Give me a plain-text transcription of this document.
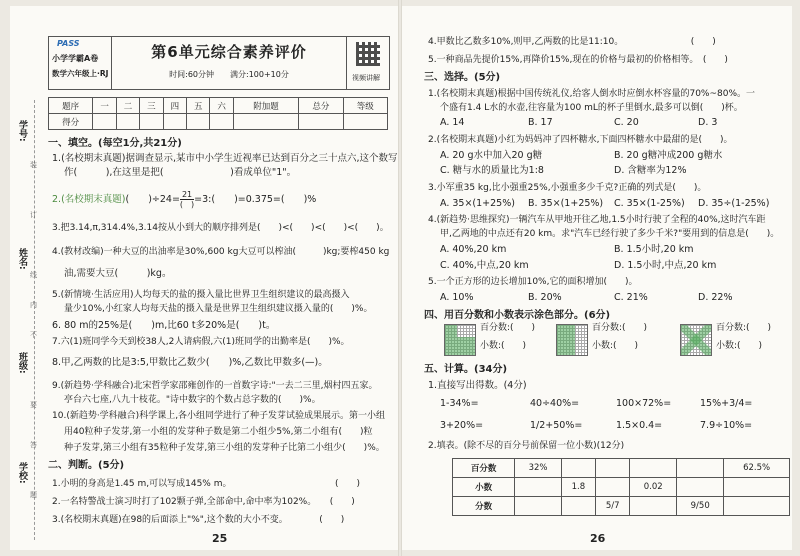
学号:
姓名:
班级:
学校:
装
订
线
内
不
要
答
题
PASS
小学学霸A卷
数学六年级上·RJ
第6单元综合素养评价
时间:60分钟　　满分:100+10分	视频讲解
题序	一	二	三	四	五	六	附加题	总分	等级
得分									
一、填空。(每空1分,共21分)
1.(名校期末真题)据调查显示,某市中小学生近视率已达到百分之三十点六,这个数写
作(　　　),在这里是把(　　　　　　　)看成单位"1"。
2.(名校期末真题)(　　)÷24= 21
(　) =3:(　　)=0.375=(　　)%
3.把3.14,π,314.4%,3.14按从小到大的顺序排列是(　　)<(　　)<(　　)<(　　)。
4.(教材改编)一种大豆的出油率是30%,600 kg大豆可以榨油(　　　)kg;要榨450 kg
油,需要大豆(　　　)kg。
5.(新情境·生活应用)人均每天的盐的摄入量比世界卫生组织建议的最高摄入
量少10%,小红家人均每天盐的摄入量是世界卫生组织建议摄入量的(　　)%。
6. 80 m的25%是(　　)m,比60 t多20%是(　　)t。
7.六(1)班同学今天到校38人,2人请病假,六(1)班同学的出勤率是(　　)%。
8.甲,乙两数的比是3:5,甲数比乙数少(　　)%,乙数比甲数多(—)。
9.(新趋势·学科融合)北宋哲学家邵雍创作的一首数字诗:"一去二三里,烟村四五家。
亭台六七座,八九十枝花。"诗中数字的个数占总字数的(　　)%。
10.(新趋势·学科融合)科学课上,各小组同学进行了种子发芽试验成果展示。第一小组
用40粒种子发芽,第一小组的发芽种子数是第二小组少5%,第二小组有(　　)粒
种子发芽,第三小组有35粒种子发芽,第三小组的发芽种子比第二小组少(　　)%。
二、判断。(5分)
1.小明的身高是1.45 m,可以写成145% m。　　　　　　　　　　　　(　　)
2.一名特警战士演习时打了102颗子弹,全部命中,命中率为102%。　　(　　)
3.(名校期末真题)在98的后面添上"%",这个数的大小不变。　　　　(　　)
25
4.甲数比乙数多10%,则甲,乙两数的比是11:10。　　　　　　　　(　　)
5.一种商品先提价15%,再降价15%,现在的价格与最初的价格相等。　(　　)
三、选择。(5分)
1.(名校期末真题)根据中国传统礼仪,给客人倒水时应倒水杯容量的70%~80%。一
个盛有1.4 L水的水壶,往容量为100 mL的杯子里倒水,最多可以倒(　　)杯。
A. 14	B. 17	C. 20	D. 3
2.(名校期末真题)小红为妈妈冲了四杯糖水,下面四杯糖水中最甜的是(　　)。
A. 20 g水中加入20 g糖	B. 20 g糖冲成200 g糖水
C. 糖与水的质量比为1:8	D. 含糖率为12%
3.小军重35 kg,比小强重25%,小强重多少千克?正确的列式是(　　)。
A. 35×(1+25%) B. 35×(1+25%) C. 35×(1-25%) D. 35÷(1-25%)
4.(新趋势·思维探究)一辆汽车从甲地开往乙地,1.5小时行驶了全程的40%,这时汽车距
甲,乙两地的中点还有20 km。求"汽车已经行驶了多少千米?"要用到的信息是(　　)。
A. 40%,20 km	B. 1.5小时,20 km
C. 40%,中点,20 km	D. 1.5小时,中点,20 km
5.一个正方形的边长增加10%,它的面积增加(　　)。
A. 10%	B. 20%	C. 21%	D. 22%
四、用百分数和小数表示涂色部分。(6分)
百分数:(　　)
小数:(　　)
百分数:(　　)
小数:(　　)
百分数:(　　)
小数:(　　)
五、计算。(34分)
1.直接写出得数。(4分)
1-34%=	40÷40%=	100×72%=	15%+3/4=
3+20%=	1/2+50%=	1.5×0.4=	7.9÷10%=
2.填表。(除不尽的百分号前保留一位小数)(12分)
百分数	32%					62.5%
小数		1.8		0.02		
分数			5/7		9/50	
26
